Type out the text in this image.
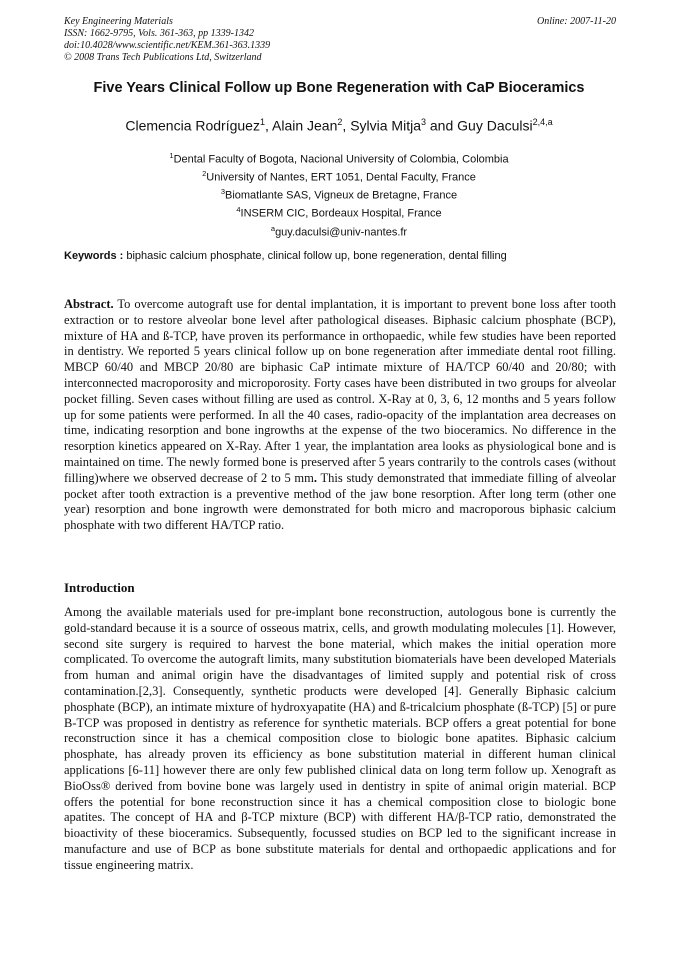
Key Engineering Materials
ISSN: 1662-9795, Vols. 361-363, pp 1339-1342
doi:10.4028/www.scientific.net/KEM.361-363.1339
© 2008 Trans Tech Publications Ltd, Switzerland
Online: 2007-11-20
Five Years Clinical Follow up Bone Regeneration with CaP Bioceramics
Clemencia Rodríguez$^1$, Alain Jean$^2$, Sylvia Mitja$^3$ and Guy Daculsi$^{2,4,a}$
$^1$Dental Faculty of Bogota, Nacional University of Colombia, Colombia
$^2$University of Nantes, ERT 1051, Dental Faculty, France
$^3$Biomatlante SAS, Vigneux de Bretagne, France
$^4$INSERM CIC, Bordeaux Hospital, France
$^a$guy.daculsi@univ-nantes.fr
Keywords : biphasic calcium phosphate, clinical follow up, bone regeneration, dental filling

Abstract. To overcome autograft use for dental implantation, it is important to prevent bone loss after tooth extraction or to restore alveolar bone level after pathological diseases. Biphasic calcium phosphate (BCP), mixture of HA and ß-TCP, have proven its performance in orthopaedic, while few studies have been reported in dentistry. We reported 5 years clinical follow up on bone regeneration after immediate dental root filling. MBCP 60/40 and MBCP 20/80 are biphasic CaP intimate mixture of HA/TCP 60/40 and 20/80; with interconnected macroporosity and microporosity. Forty cases have been distributed in two groups for alveolar pocket filling. Seven cases without filling are used as control. X-Ray at 0, 3, 6, 12 months and 5 years follow up for some patients were performed. In all the 40 cases, radio-opacity of the implantation area decreases on time, indicating resorption and bone ingrowths at the expense of the two bioceramics. No difference in the resorption kinetics appeared on X-Ray. After 1 year, the implantation area looks as physiological bone and is maintained on time. The newly formed bone is preserved after 5 years contrarily to the controls cases (without filling)where we observed decrease of 2 to 5 mm. This study demonstrated that immediate filling of alveolar pocket after tooth extraction is a preventive method of the jaw bone resorption. After long term (other one year) resorption and bone ingrowth were demonstrated for both micro and macroporous biphasic calcium phosphate with two different HA/TCP ratio.

Introduction

Among the available materials used for pre-implant bone reconstruction, autologous bone is currently the gold-standard because it is a source of osseous matrix, cells, and growth modulating molecules [1]. However, second site surgery is required to harvest the bone material, which makes the initial operation more complicated. To overcome the autograft limits, many substitution biomaterials have been developed Materials from human and animal origin have the disadvantages of limited supply and potential risk of cross contamination.[2,3]. Consequently, synthetic products were developed [4]. Generally Biphasic calcium phosphate (BCP), an intimate mixture of hydroxyapatite (HA) and ß-tricalcium phosphate (ß-TCP) [5] or pure B-TCP was proposed in dentistry as reference for synthetic materials. BCP offers a great potential for bone reconstruction since it has a chemical composition close to biologic bone apatites. Biphasic calcium phosphate, has already proven its efficiency as bone substitution material in different human clinical applications [6-11] however there are only few published clinical data on long term follow up. Xenograft as BioOss® derived from bovine bone was largely used in dentistry in spite of animal origin material. BCP offers the potential for bone reconstruction since it has a chemical composition close to biologic bone apatites. The concept of HA and β-TCP mixture (BCP) with different HA/β-TCP ratio, demonstrated the bioactivity of these bioceramics. Subsequently, focussed studies on BCP led to the significant increase in manufacture and use of BCP as bone substitute materials for dental and orthopaedic applications and for tissue engineering matrix.
